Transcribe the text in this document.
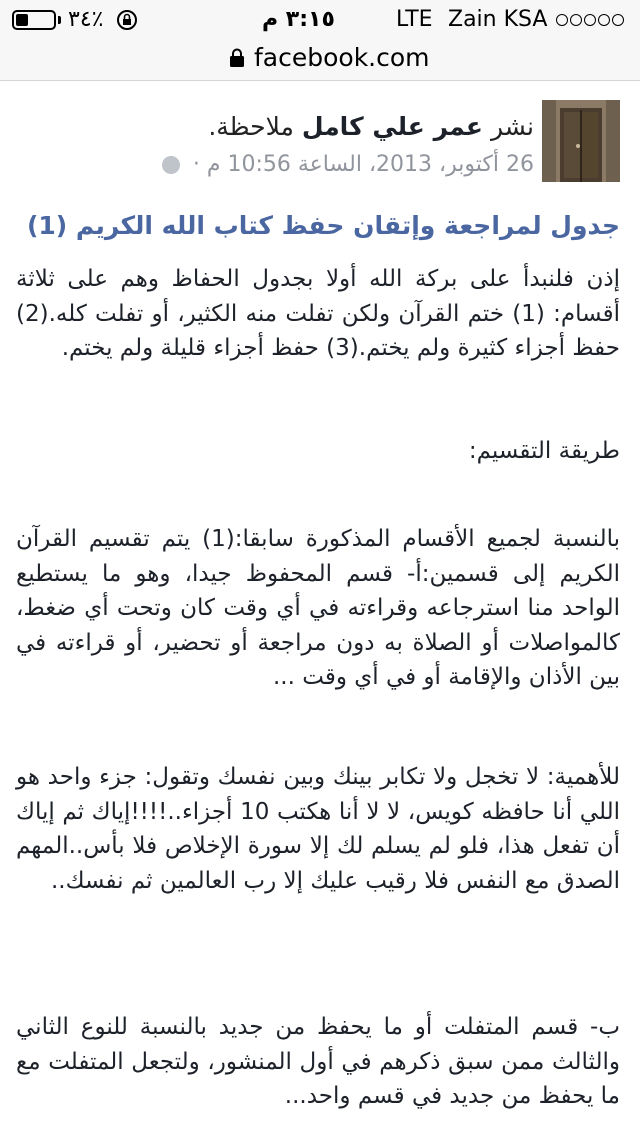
٣٤٪	٣:١٥ م	LTE Zain KSA
facebook.com
نشر عمر علي كامل ملاحظة.
26 أكتوبر، 2013، الساعة 10:56 م ·
جدول لمراجعة وإتقان حفظ كتاب الله الكريم (1)
إذن فلنبدأ على بركة الله أولا بجدول الحفاظ وهم على ثلاثة أقسام: (1) ختم القرآن ولكن تفلت منه الكثير، أو تفلت كله.(2) حفظ أجزاء كثيرة ولم يختم.(3) حفظ أجزاء قليلة ولم يختم.
طريقة التقسيم:
بالنسبة لجميع الأقسام المذكورة سابقا:(1) يتم تقسيم القرآن الكريم إلى قسمين:أ- قسم المحفوظ جيدا، وهو ما يستطيع الواحد منا استرجاعه وقراءته في أي وقت كان وتحت أي ضغط، كالمواصلات أو الصلاة به دون مراجعة أو تحضير، أو قراءته في بين الأذان والإقامة أو في أي وقت ...
للأهمية: لا تخجل ولا تكابر بينك وبين نفسك وتقول: جزء واحد هو اللي أنا حافظه كويس، لا لا أنا هكتب 10 أجزاء..!!!!إياك ثم إياك أن تفعل هذا، فلو لم يسلم لك إلا سورة الإخلاص فلا بأس..المهم الصدق مع النفس فلا رقيب عليك إلا رب العالمين ثم نفسك..
ب- قسم المتفلت أو ما يحفظ من جديد بالنسبة للنوع الثاني والثالث ممن سبق ذكرهم في أول المنشور، ولتجعل المتفلت مع ما يحفظ من جديد في قسم واحد...
